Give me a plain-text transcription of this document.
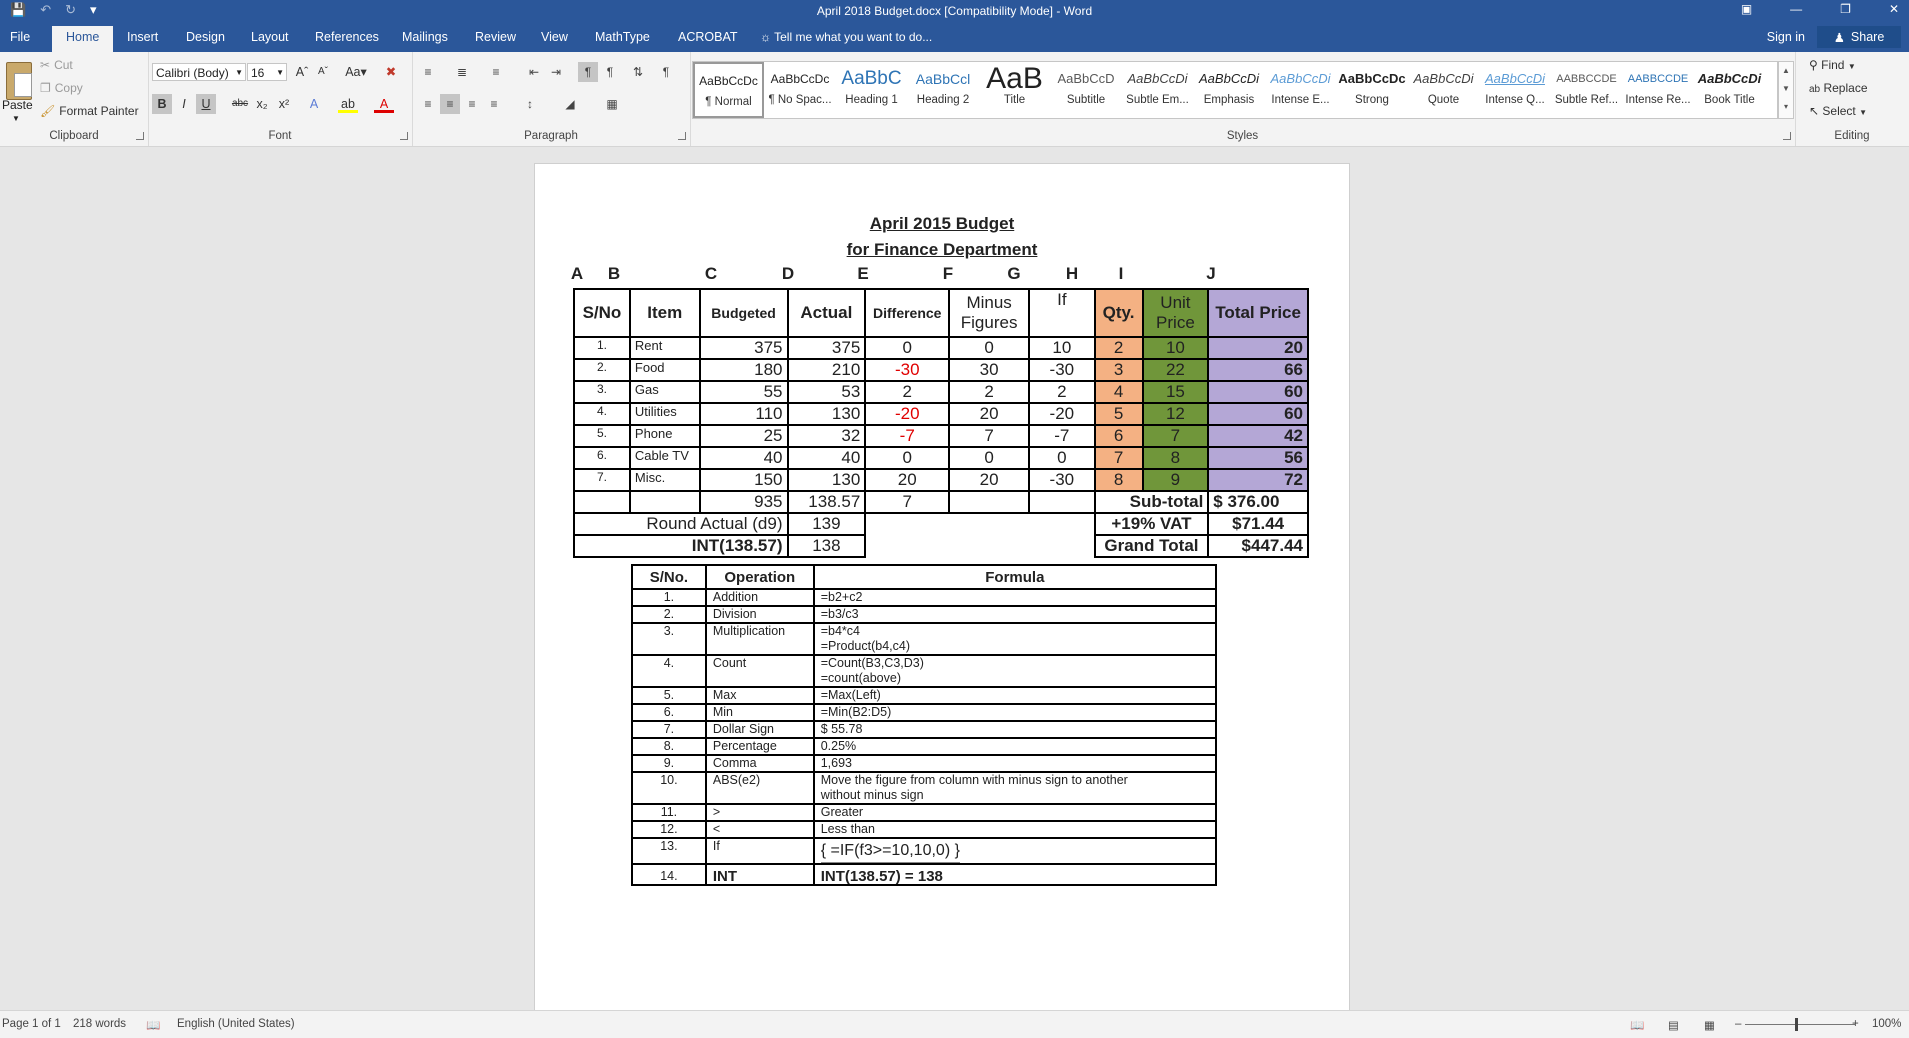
💾 ↶ ↻ ▾	April 2018 Budget.docx [Compatibility Mode] - Word	▣	—	❐	✕
File	Home	Insert Design Layout References Mailings Review View MathType ACROBAT ☼ Tell me what you want to do...	Sign in ♟ Share
Paste
▼
✂ Cut
❐ Copy
🖌 Format Painter
Clipboard
Calibri (Body) ▼ 16 ▼ Aˆ Aˇ	Aa▾	✖
B	I	U	abc x₂ x²	A	ab	A
Font
≡	≣	≡	⇤ ⇥	¶	¶	⇅	¶
≡	≡	≡	≡	↕	◢	▦
Paragraph
AaBbCcDc
¶ Normal
AaBbCcDc
¶ No Spac...
AaBbC
Heading 1
AaBbCcl
Heading 2
AaB
Title
AaBbCcD
Subtitle
AaBbCcDi
Subtle Em...
AaBbCcDi
Emphasis
AaBbCcDi
Intense E...
AaBbCcDc
Strong
AaBbCcDi
Quote
AaBbCcDi
Intense Q...
AABBCCDE
Subtle Ref...
AABBCCDE
Intense Re...
AaBbCcDi
Book Title
▲
▼
▾
Styles
⚲ Find ▼
ab Replace
↖ Select ▼
Editing
April 2015 Budget
for Finance Department
A B	C	D	E	F	G	H	I	J
S/No	Item	Budgeted	Actual	Difference	Minus Figures	If	Qty.	Unit Price	Total Price
1.	Rent	375	375	0	0	10	2	10	20
2.	Food	180	210	-30	30	-30	3	22	66
3.	Gas	55	53	2	2	2	4	15	60
4.	Utilities	110	130	-20	20	-20	5	12	60
5.	Phone	25	32	-7	7	-7	6	7	42
6.	Cable TV	40	40	0	0	0	7	8	56
7.	Misc.	150	130	20	20	-30	8	9	72
		935	138.57	7			Sub-total		$ 376.00
Round Actual (d9)			139				+19% VAT		$71.44
INT(138.57)			138				Grand Total		$447.44
S/No.	Operation	Formula
1.	Addition	=b2+c2

2.	Division	=b3/c3

3.	Multiplication	=b4*c4
=Product(b4,c4)

4.	Count	=Count(B3,C3,D3)
=count(above)

5.	Max	=Max(Left)

6.	Min	=Min(B2:D5)

7.	Dollar Sign	$ 55.78

8.	Percentage	0.25%

9.	Comma	1,693

10.	ABS(e2)	Move the figure from column with minus sign to another
without minus sign

11.	>	Greater

12.	<	Less than

13.	If	{ =IF(f3>=10,10,0) }
14.	INT	INT(138.57) = 138
Page 1 of 1 218 words 📖 English (United States)	📖 ▤ ▦ –	+ 100%
